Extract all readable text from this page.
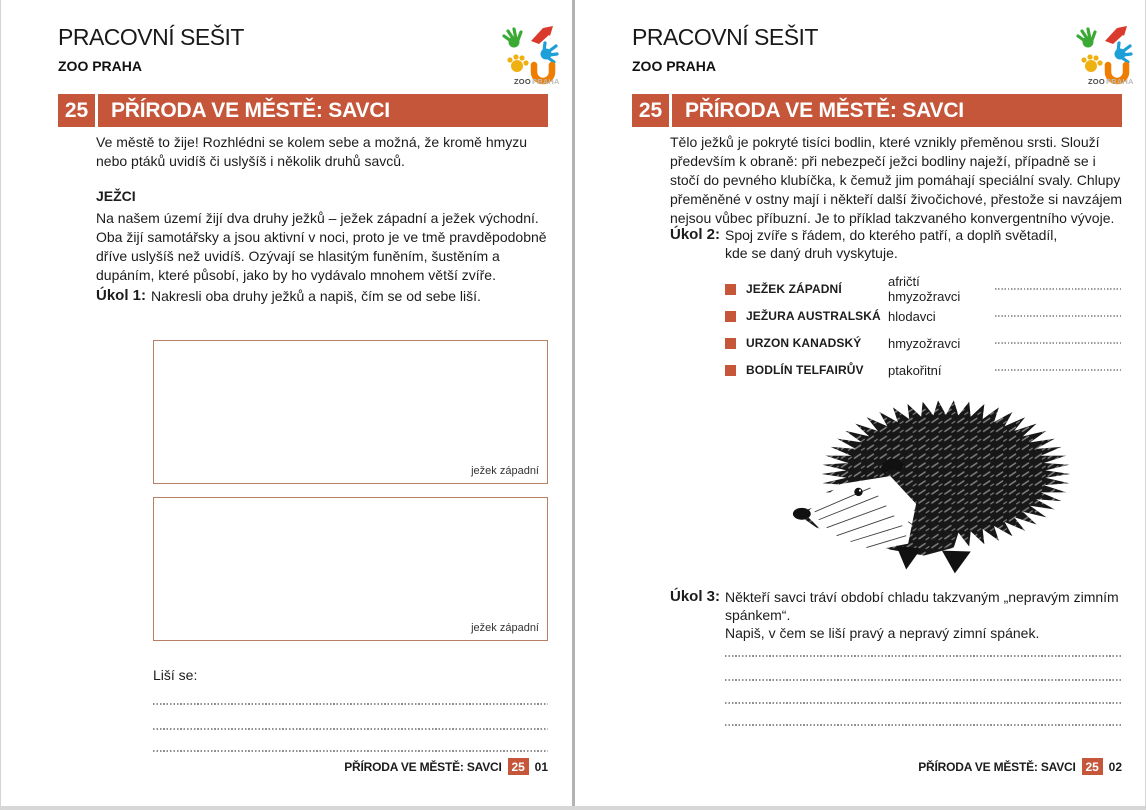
PRACOVNÍ SEŠIT
ZOO PRAHA
ZOO PRAHA
25	PŘÍRODA VE MĚSTĚ: SAVCI
Ve městě to žije! Rozhlédni se kolem sebe a možná, že kromě hmyzu nebo ptáků uvidíš či uslyšíš i několik druhů savců.
JEŽCI
Na našem území žijí dva druhy ježků – ježek západní a ježek východní. Oba žijí samotářsky a jsou aktivní v noci, proto je ve tmě pravděpodobně dříve uslyšíš než uvidíš. Ozývají se hlasitým funěním, šustěním a dupáním, které působí, jako by ho vydávalo mnohem větší zvíře.
Úkol 1: Nakresli oba druhy ježků a napiš, čím se od sebe liší.
ježek západní
ježek západní
Liší se:
PŘÍRODA VE MĚSTĚ: SAVCI 25 01
PRACOVNÍ SEŠIT
ZOO PRAHA
ZOO PRAHA
25	PŘÍRODA VE MĚSTĚ: SAVCI
Tělo ježků je pokryté tisíci bodlin, které vznikly přeměnou srsti. Slouží především k obraně: při nebezpečí ježci bodliny naježí, případně se i stočí do pevného klubíčka, k čemuž jim pomáhají speciální svaly. Chlupy přeměněné v ostny mají i někteří další živočichové, přestože si navzájem nejsou vůbec příbuzní. Je to příklad takzvaného konvergentního vývoje.
Úkol 2: Spoj zvíře s řádem, do kterého patří, a doplň světadíl,
kde se daný druh vyskytuje.
JEŽEK ZÁPADNÍ	afričtí hmyzožravci
JEŽURA AUSTRALSKÁ hlodavci
URZON KANADSKÝ	hmyzožravci
BODLÍN TELFAIRŮV	ptakořitní
Úkol 3: Někteří savci tráví období chladu takzvaným „nepravým zimním spánkem“.
Napiš, v čem se liší pravý a nepravý zimní spánek.
PŘÍRODA VE MĚSTĚ: SAVCI 25 02
